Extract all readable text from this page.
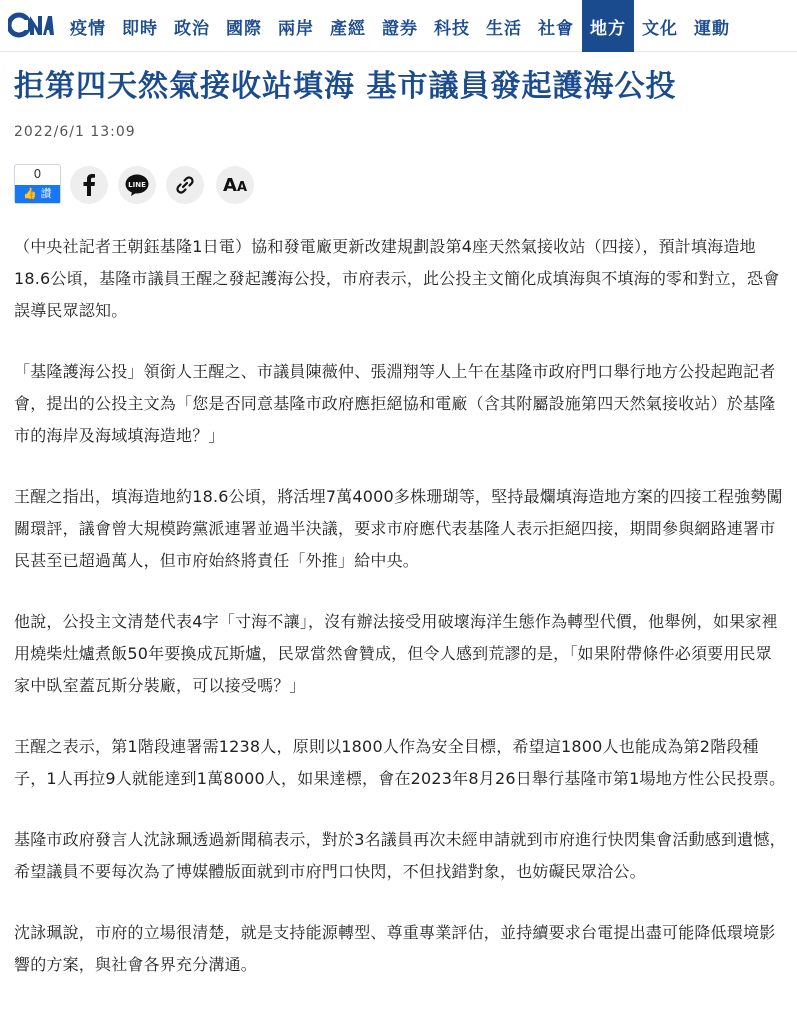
疫情 即時 政治 國際 兩岸 產經 證券 科技 生活 社會 地方 文化 運動
拒第四天然氣接收站填海 基市議員發起護海公投
2022/6/1 13:09
0
👍 讚
LINE	AA

（中央社記者王朝鈺基隆1日電）協和發電廠更新改建規劃設第4座天然氣接收站（四接），預計填海造地18.6公頃，基隆市議員王醒之發起護海公投，市府表示，此公投主文簡化成填海與不填海的零和對立，恐會誤導民眾認知。

「基隆護海公投」領銜人王醒之、市議員陳薇仲、張淵翔等人上午在基隆市政府門口舉行地方公投起跑記者會，提出的公投主文為「您是否同意基隆市政府應拒絕協和電廠（含其附屬設施第四天然氣接收站）於基隆市的海岸及海域填海造地？」

王醒之指出，填海造地約18.6公頃，將活埋7萬4000多株珊瑚等，堅持最爛填海造地方案的四接工程強勢闖關環評，議會曾大規模跨黨派連署並過半決議，要求市府應代表基隆人表示拒絕四接，期間參與網路連署市民甚至已超過萬人，但市府始終將責任「外推」給中央。

他說，公投主文清楚代表4字「寸海不讓」，沒有辦法接受用破壞海洋生態作為轉型代價，他舉例，如果家裡用燒柴灶爐煮飯50年要換成瓦斯爐，民眾當然會贊成，但令人感到荒謬的是，「如果附帶條件必須要用民眾家中臥室蓋瓦斯分裝廠，可以接受嗎？」

王醒之表示，第1階段連署需1238人，原則以1800人作為安全目標，希望這1800人也能成為第2階段種子，1人再拉9人就能達到1萬8000人，如果達標，會在2023年8月26日舉行基隆市第1場地方性公民投票。

基隆市政府發言人沈詠珮透過新聞稿表示，對於3名議員再次未經申請就到市府進行快閃集會活動感到遺憾，希望議員不要每次為了博媒體版面就到市府門口快閃，不但找錯對象，也妨礙民眾洽公。

沈詠珮說，市府的立場很清楚，就是支持能源轉型、尊重專業評估，並持續要求台電提出盡可能降低環境影響的方案，與社會各界充分溝通。
